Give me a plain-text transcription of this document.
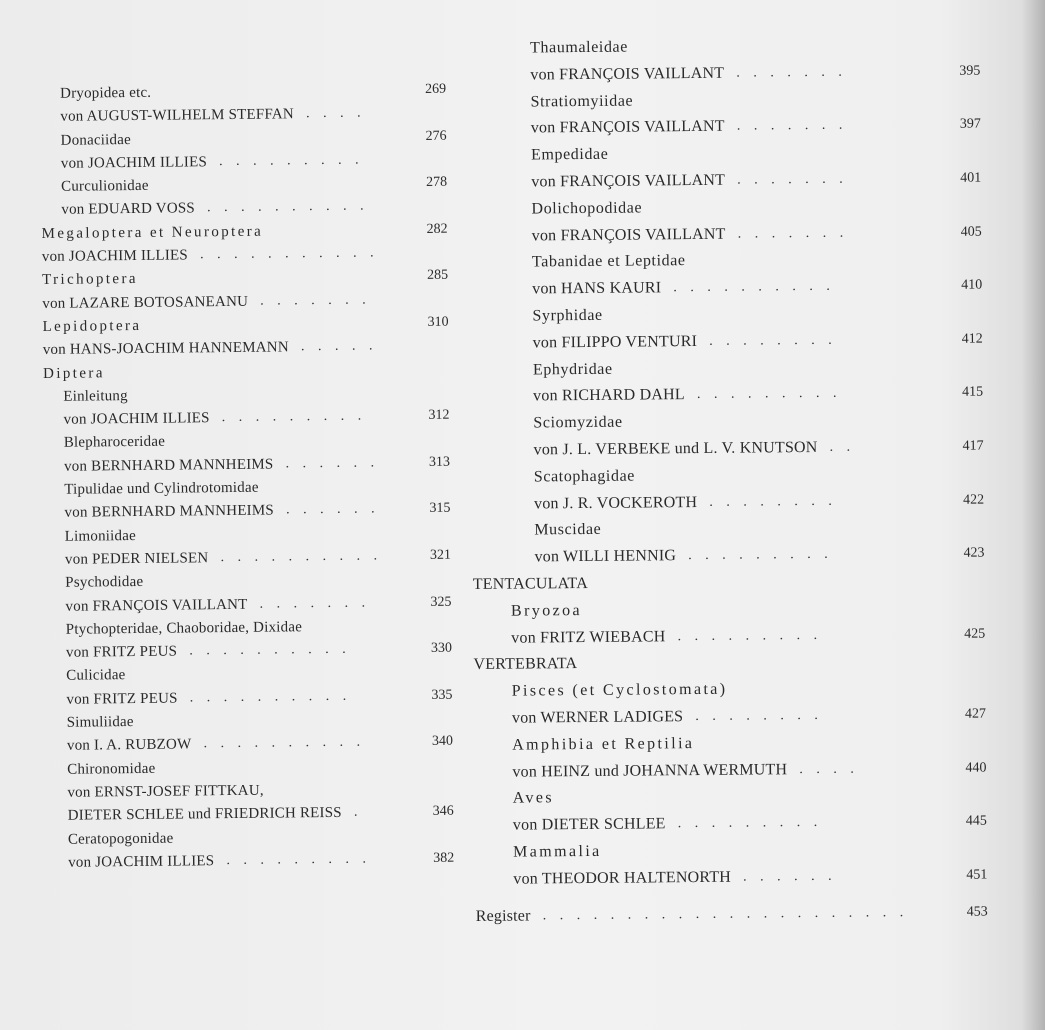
Dryopidea etc.	269
von AUGUST-WILHELM STEFFAN . . . .
Donaciidae	276
von JOACHIM ILLIES . . . . . . . . .
Curculionidae	278
von EDUARD VOSS . . . . . . . . . .
Megaloptera et Neuroptera	282
von JOACHIM ILLIES . . . . . . . . . . .
Trichoptera	285
von LAZARE BOTOSANEANU . . . . . . .
Lepidoptera	310
von HANS-JOACHIM HANNEMANN . . . . .
Diptera
Einleitung
von JOACHIM ILLIES . . . . . . . . .	312
Blepharoceridae
von BERNHARD MANNHEIMS . . . . . .	313
Tipulidae und Cylindrotomidae
von BERNHARD MANNHEIMS . . . . . .	315
Limoniidae
von PEDER NIELSEN . . . . . . . . . .	321
Psychodidae
von FRANÇOIS VAILLANT . . . . . . .	325
Ptychopteridae, Chaoboridae, Dixidae
von FRITZ PEUS . . . . . . . . . .	330
Culicidae
von FRITZ PEUS . . . . . . . . . .	335
Simuliidae
von I. A. RUBZOW . . . . . . . . . .	340
Chironomidae
von ERNST-JOSEF FITTKAU,
DIETER SCHLEE und FRIEDRICH REISS .	346
Ceratopogonidae
von JOACHIM ILLIES . . . . . . . . .	382
Thaumaleidae
von FRANÇOIS VAILLANT . . . . . . .	395
Stratiomyiidae
von FRANÇOIS VAILLANT . . . . . . .	397
Empedidae
von FRANÇOIS VAILLANT . . . . . . .	401
Dolichopodidae
von FRANÇOIS VAILLANT . . . . . . .	405
Tabanidae et Leptidae
von HANS KAURI . . . . . . . . . .	410
Syrphidae
von FILIPPO VENTURI . . . . . . . .	412
Ephydridae
von RICHARD DAHL . . . . . . . . .	415
Sciomyzidae
von J. L. VERBEKE und L. V. KNUTSON . .	417
Scatophagidae
von J. R. VOCKEROTH . . . . . . . .	422
Muscidae
von WILLI HENNIG . . . . . . . . .	423
TENTACULATA
Bryozoa
von FRITZ WIEBACH . . . . . . . . .	425
VERTEBRATA
Pisces (et Cyclostomata)
von WERNER LADIGES . . . . . . . .	427
Amphibia et Reptilia
von HEINZ und JOHANNA WERMUTH . . . .	440
Aves
von DIETER SCHLEE . . . . . . . . .	445
Mammalia
von THEODOR HALTENORTH . . . . . .	451
Register . . . . . . . . . . . . . . . . . . . . . .	453
